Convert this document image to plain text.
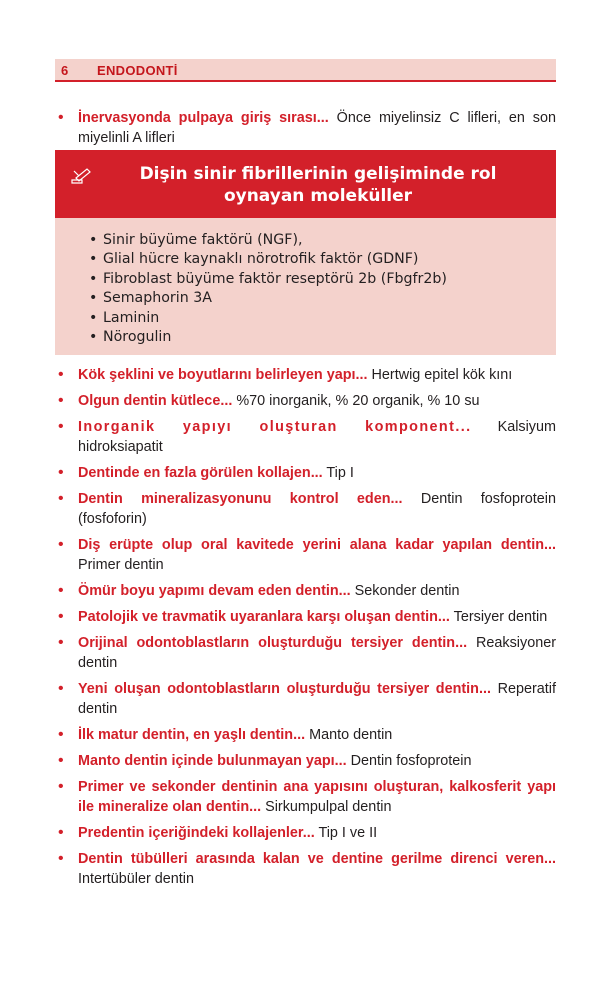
6 ENDODONTİ
• İnervasyonda pulpaya giriş sırası... Önce miyelinsiz C lifleri, en son miyelinli A lifleri
Dişin sinir fibrillerinin gelişiminde rol oynayan moleküller
• Sinir büyüme faktörü (NGF),
• Glial hücre kaynaklı nörotrofik faktör (GDNF)
• Fibroblast büyüme faktör reseptörü 2b (Fbgfr2b)
• Semaphorin 3A
• Laminin
• Nörogulin
• Kök şeklini ve boyutlarını belirleyen yapı... Hertwig epitel kök kını
• Olgun dentin kütlece... %70 inorganik, % 20 organik, % 10 su
• Inorganik yapıyı oluşturan komponent... Kalsiyum hidroksiapatit
• Dentinde en fazla görülen kollajen... Tip I
• Dentin mineralizasyonunu kontrol eden... Dentin fosfoprotein (fosfoforin)
• Diş erüpte olup oral kavitede yerini alana kadar yapılan dentin... Primer dentin
• Ömür boyu yapımı devam eden dentin... Sekonder dentin
• Patolojik ve travmatik uyaranlara karşı oluşan dentin... Tersiyer dentin
• Orijinal odontoblastların oluşturduğu tersiyer dentin... Reaksiyoner dentin
• Yeni oluşan odontoblastların oluşturduğu tersiyer dentin... Reperatif dentin
• İlk matur dentin, en yaşlı dentin... Manto dentin
• Manto dentin içinde bulunmayan yapı... Dentin fosfoprotein
• Primer ve sekonder dentinin ana yapısını oluşturan, kalkosferit yapı ile mineralize olan dentin... Sirkumpulpal dentin
• Predentin içeriğindeki kollajenler... Tip I ve II
• Dentin tübülleri arasında kalan ve dentine gerilme direnci veren... Intertübüler dentin
